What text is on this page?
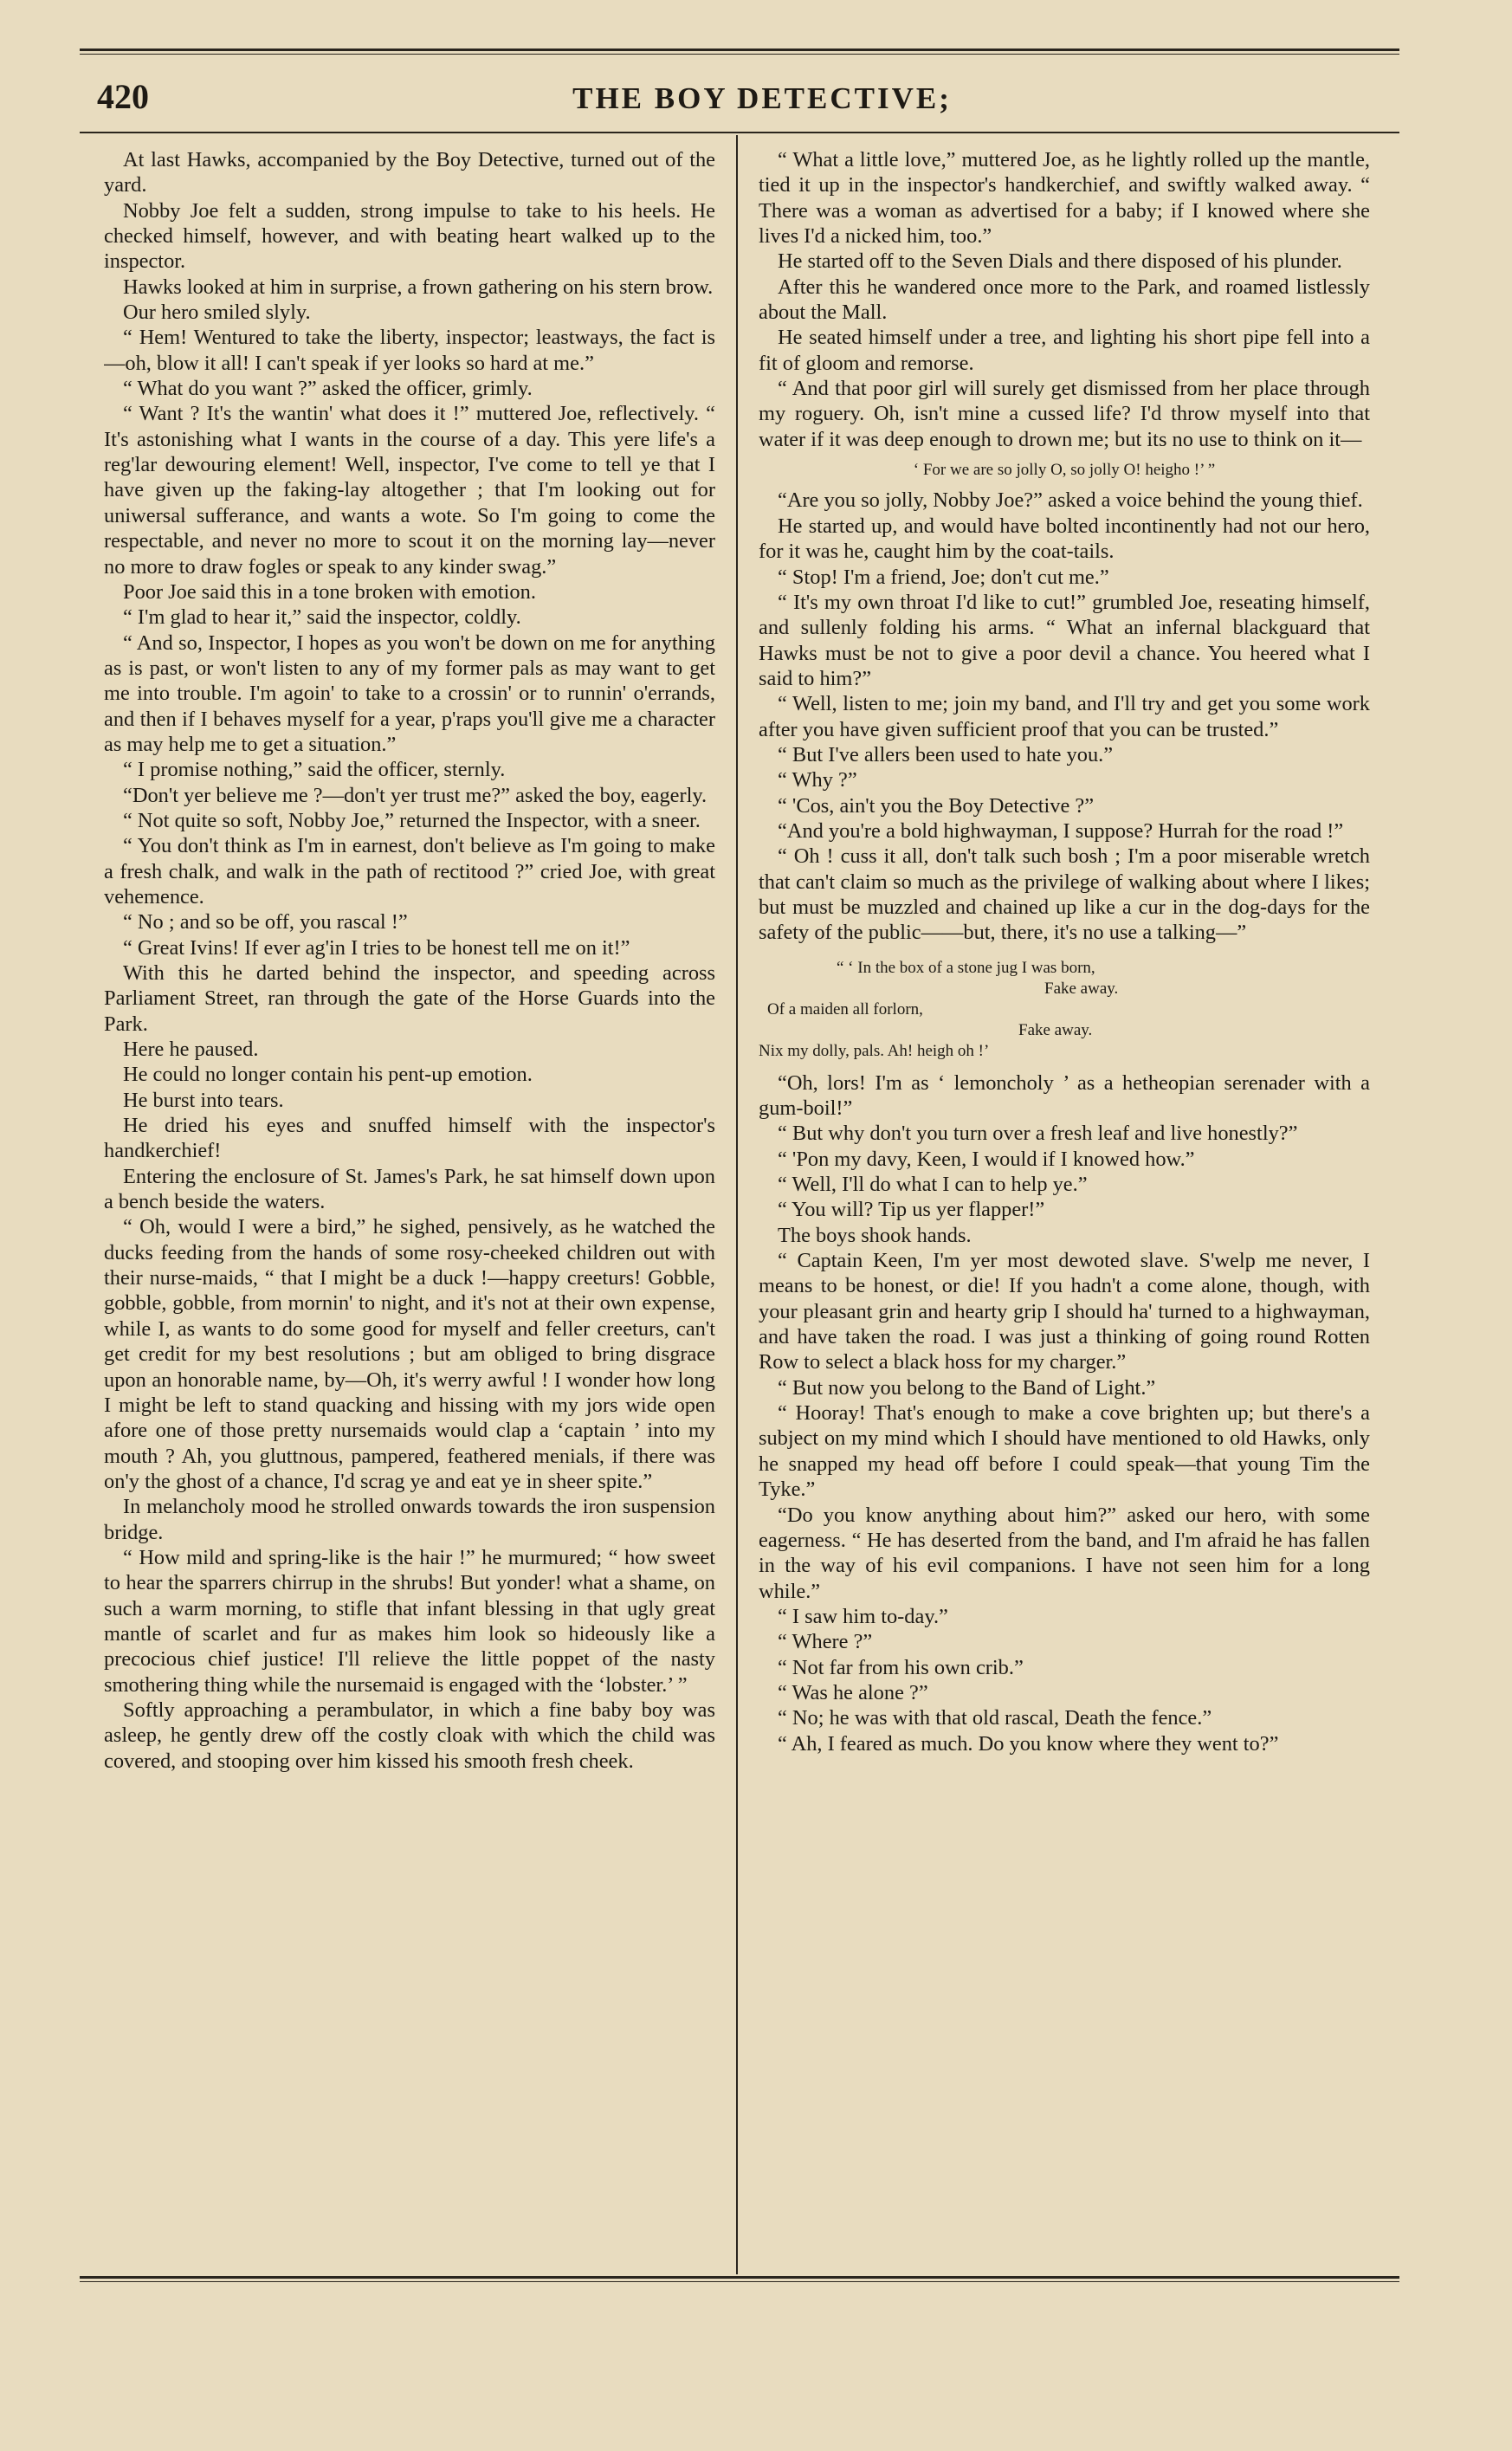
420	THE BOY DETECTIVE;

At last Hawks, accompanied by the Boy Detective, turned out of the yard.

Nobby Joe felt a sudden, strong impulse to take to his heels. He checked himself, however, and with beating heart walked up to the inspector.

Hawks looked at him in surprise, a frown gathering on his stern brow.

Our hero smiled slyly.

“ Hem! Wentured to take the liberty, inspector; leastways, the fact is—oh, blow it all! I can't speak if yer looks so hard at me.”

“ What do you want ?” asked the officer, grimly.

“ Want ? It's the wantin' what does it !” muttered Joe, reflectively. “ It's astonishing what I wants in the course of a day. This yere life's a reg'lar dewouring element! Well, inspector, I've come to tell ye that I have given up the faking-lay altogether ; that I'm looking out for uniwersal sufferance, and wants a wote. So I'm going to come the respectable, and never no more to scout it on the morning lay—never no more to draw fogles or speak to any kinder swag.”

Poor Joe said this in a tone broken with emotion.

“ I'm glad to hear it,” said the inspector, coldly.

“ And so, Inspector, I hopes as you won't be down on me for anything as is past, or won't listen to any of my former pals as may want to get me into trouble. I'm agoin' to take to a crossin' or to runnin' o'errands, and then if I behaves myself for a year, p'raps you'll give me a character as may help me to get a situation.”

“ I promise nothing,” said the officer, sternly.

“Don't yer believe me ?—don't yer trust me?” asked the boy, eagerly.

“ Not quite so soft, Nobby Joe,” returned the Inspector, with a sneer.

“ You don't think as I'm in earnest, don't believe as I'm going to make a fresh chalk, and walk in the path of rectitood ?” cried Joe, with great vehemence.

“ No ; and so be off, you rascal !”

“ Great Ivins! If ever ag'in I tries to be honest tell me on it!”

With this he darted behind the inspector, and speeding across Parliament Street, ran through the gate of the Horse Guards into the Park.

Here he paused.

He could no longer contain his pent-up emotion.

He burst into tears.

He dried his eyes and snuffed himself with the inspector's handkerchief!

Entering the enclosure of St. James's Park, he sat himself down upon a bench beside the waters.

“ Oh, would I were a bird,” he sighed, pensively, as he watched the ducks feeding from the hands of some rosy-cheeked children out with their nurse-maids, “ that I might be a duck !—happy creeturs! Gobble, gobble, gobble, from mornin' to night, and it's not at their own expense, while I, as wants to do some good for myself and feller creeturs, can't get credit for my best resolutions ; but am obliged to bring disgrace upon an honorable name, by—Oh, it's werry awful ! I wonder how long I might be left to stand quacking and hissing with my jors wide open afore one of those pretty nursemaids would clap a ‘captain ’ into my mouth ? Ah, you gluttnous, pampered, feathered menials, if there was on'y the ghost of a chance, I'd scrag ye and eat ye in sheer spite.”

In melancholy mood he strolled onwards towards the iron suspension bridge.

“ How mild and spring-like is the hair !” he murmured; “ how sweet to hear the sparrers chirrup in the shrubs! But yonder! what a shame, on such a warm morning, to stifle that infant blessing in that ugly great mantle of scarlet and fur as makes him look so hideously like a precocious chief justice! I'll relieve the little poppet of the nasty smothering thing while the nursemaid is engaged with the ‘lobster.’ ”

Softly approaching a perambulator, in which a fine baby boy was asleep, he gently drew off the costly cloak with which the child was covered, and stooping over him kissed his smooth fresh cheek.

“ What a little love,” muttered Joe, as he lightly rolled up the mantle, tied it up in the inspector's handkerchief, and swiftly walked away. “ There was a woman as advertised for a baby; if I knowed where she lives I'd a nicked him, too.”

He started off to the Seven Dials and there disposed of his plunder.

After this he wandered once more to the Park, and roamed listlessly about the Mall.

He seated himself under a tree, and lighting his short pipe fell into a fit of gloom and remorse.

“ And that poor girl will surely get dismissed from her place through my roguery. Oh, isn't mine a cussed life? I'd throw myself into that water if it was deep enough to drown me; but its no use to think on it—

‘ For we are so jolly O, so jolly O! heigho !’ ”

“Are you so jolly, Nobby Joe?” asked a voice behind the young thief.

He started up, and would have bolted incontinently had not our hero, for it was he, caught him by the coat-tails.

“ Stop! I'm a friend, Joe; don't cut me.”

“ It's my own throat I'd like to cut!” grumbled Joe, reseating himself, and sullenly folding his arms. “ What an infernal blackguard that Hawks must be not to give a poor devil a chance. You heered what I said to him?”

“ Well, listen to me; join my band, and I'll try and get you some work after you have given sufficient proof that you can be trusted.”

“ But I've allers been used to hate you.”

“ Why ?”

“ 'Cos, ain't you the Boy Detective ?”

“And you're a bold highwayman, I suppose? Hurrah for the road !”

“ Oh ! cuss it all, don't talk such bosh ; I'm a poor miserable wretch that can't claim so much as the privilege of walking about where I likes; but must be muzzled and chained up like a cur in the dog-days for the safety of the public——but, there, it's no use a talking—”

“ ‘ In the box of a stone jug I was born,
Fake away.
Of a maiden all forlorn,
Fake away.
Nix my dolly, pals. Ah! heigh oh !’

“Oh, lors! I'm as ‘ lemoncholy ’ as a hetheopian serenader with a gum-boil!”

“ But why don't you turn over a fresh leaf and live honestly?”

“ 'Pon my davy, Keen, I would if I knowed how.”

“ Well, I'll do what I can to help ye.”

“ You will? Tip us yer flapper!”

The boys shook hands.

“ Captain Keen, I'm yer most dewoted slave. S'welp me never, I means to be honest, or die! If you hadn't a come alone, though, with your pleasant grin and hearty grip I should ha' turned to a highwayman, and have taken the road. I was just a thinking of going round Rotten Row to select a black hoss for my charger.”

“ But now you belong to the Band of Light.”

“ Hooray! That's enough to make a cove brighten up; but there's a subject on my mind which I should have mentioned to old Hawks, only he snapped my head off before I could speak—that young Tim the Tyke.”

“Do you know anything about him?” asked our hero, with some eagerness. “ He has deserted from the band, and I'm afraid he has fallen in the way of his evil companions. I have not seen him for a long while.”

“ I saw him to-day.”

“ Where ?”

“ Not far from his own crib.”

“ Was he alone ?”

“ No; he was with that old rascal, Death the fence.”

“ Ah, I feared as much. Do you know where they went to?”
